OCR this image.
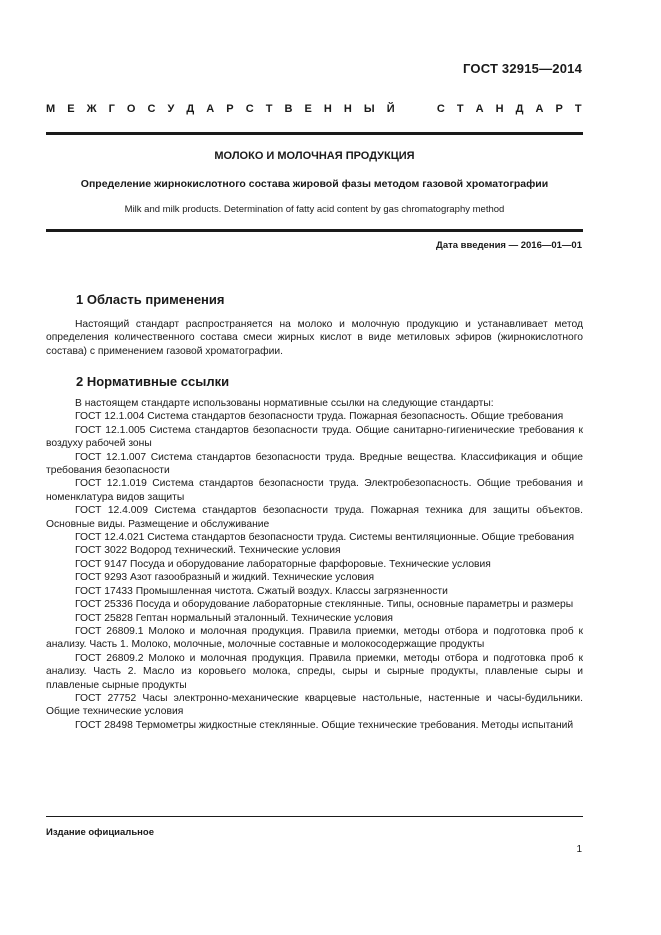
ГОСТ 32915—2014
М Е Ж Г О С У Д А Р С Т В Е Н Н Ы Й

	С Т А Н Д А Р Т
МОЛОКО И МОЛОЧНАЯ ПРОДУКЦИЯ
Определение жирнокислотного состава жировой фазы методом газовой хроматографии
Milk and milk products. Determination of fatty acid content by gas chromatography method
Дата введения — 2016—01—01
1 Область применения

Настоящий стандарт распространяется на молоко и молочную продукцию и устанавливает метод определения количественного состава смеси жирных кислот в виде метиловых эфиров (жирнокислотного состава) с применением газовой хроматографии.

2 Нормативные ссылки

В настоящем стандарте использованы нормативные ссылки на следующие стандарты:

ГОСТ 12.1.004 Система стандартов безопасности труда. Пожарная безопасность. Общие требования

ГОСТ 12.1.005 Система стандартов безопасности труда. Общие санитарно-гигиенические требования к воздуху рабочей зоны

ГОСТ 12.1.007 Система стандартов безопасности труда. Вредные вещества. Классификация и общие требования безопасности

ГОСТ 12.1.019 Система стандартов безопасности труда. Электробезопасность. Общие требования и номенклатура видов защиты

ГОСТ 12.4.009 Система стандартов безопасности труда. Пожарная техника для защиты объектов. Основные виды. Размещение и обслуживание

ГОСТ 12.4.021 Система стандартов безопасности труда. Системы вентиляционные. Общие требования

ГОСТ 3022 Водород технический. Технические условия

ГОСТ 9147 Посуда и оборудование лабораторные фарфоровые. Технические условия

ГОСТ 9293 Азот газообразный и жидкий. Технические условия

ГОСТ 17433 Промышленная чистота. Сжатый воздух. Классы загрязненности

ГОСТ 25336 Посуда и оборудование лабораторные стеклянные. Типы, основные параметры и размеры

ГОСТ 25828 Гептан нормальный эталонный. Технические условия

ГОСТ 26809.1 Молоко и молочная продукция. Правила приемки, методы отбора и подготовка проб к анализу. Часть 1. Молоко, молочные, молочные составные и молокосодержащие продукты

ГОСТ 26809.2 Молоко и молочная продукция. Правила приемки, методы отбора и подготовка проб к анализу. Часть 2. Масло из коровьего молока, спреды, сыры и сырные продукты, плавленые сыры и плавленые сырные продукты

ГОСТ 27752 Часы электронно-механические кварцевые настольные, настенные и часы-будильники. Общие технические условия

ГОСТ 28498 Термометры жидкостные стеклянные. Общие технические требования. Методы испытаний

Издание официальное
1
